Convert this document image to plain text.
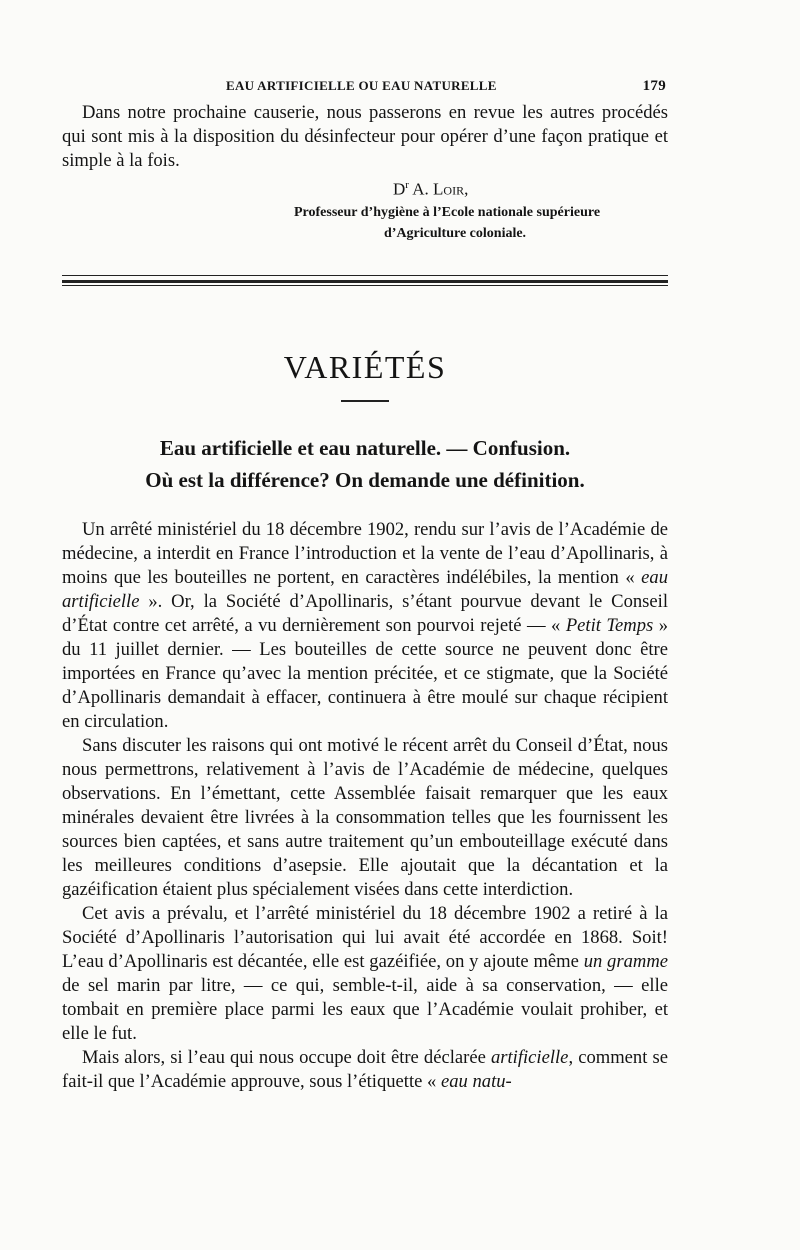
EAU ARTIFICIELLE OU EAU NATURELLE	179

Dans notre prochaine causerie, nous passerons en revue les autres procédés qui sont mis à la disposition du désinfecteur pour opérer d’une façon pratique et simple à la fois.

$D^r$ A. Loir,
Professeur d’hygiène à l’Ecole nationale supérieure
d’Agriculture coloniale.
VARIÉTÉS
Eau artificielle et eau naturelle. — Confusion.
Où est la différence? On demande une définition.

Un arrêté ministériel du 18 décembre 1902, rendu sur l’avis de l’Académie de médecine, a interdit en France l’introduction et la vente de l’eau d’Apollinaris, à moins que les bouteilles ne portent, en caractères indélébiles, la mention « eau artificielle ». Or, la Société d’Apollinaris, s’étant pourvue devant le Conseil d’État contre cet arrêté, a vu dernièrement son pourvoi rejeté — « Petit Temps » du 11 juillet dernier. — Les bouteilles de cette source ne peuvent donc être importées en France qu’avec la mention précitée, et ce stigmate, que la Société d’Apollinaris demandait à effacer, continuera à être moulé sur chaque récipient en circulation.

Sans discuter les raisons qui ont motivé le récent arrêt du Conseil d’État, nous nous permettrons, relativement à l’avis de l’Académie de médecine, quelques observations. En l’émettant, cette Assemblée faisait remarquer que les eaux minérales devaient être livrées à la consommation telles que les fournissent les sources bien captées, et sans autre traitement qu’un embouteillage exécuté dans les meilleures conditions d’asepsie. Elle ajoutait que la décantation et la gazéification étaient plus spécialement visées dans cette interdiction.

Cet avis a prévalu, et l’arrêté ministériel du 18 décembre 1902 a retiré à la Société d’Apollinaris l’autorisation qui lui avait été accordée en 1868. Soit! L’eau d’Apollinaris est décantée, elle est gazéifiée, on y ajoute même un gramme de sel marin par litre, — ce qui, semble-t-il, aide à sa conservation, — elle tombait en première place parmi les eaux que l’Académie voulait prohiber, et elle le fut.

Mais alors, si l’eau qui nous occupe doit être déclarée artificielle, comment se fait-il que l’Académie approuve, sous l’étiquette « eau natu-
